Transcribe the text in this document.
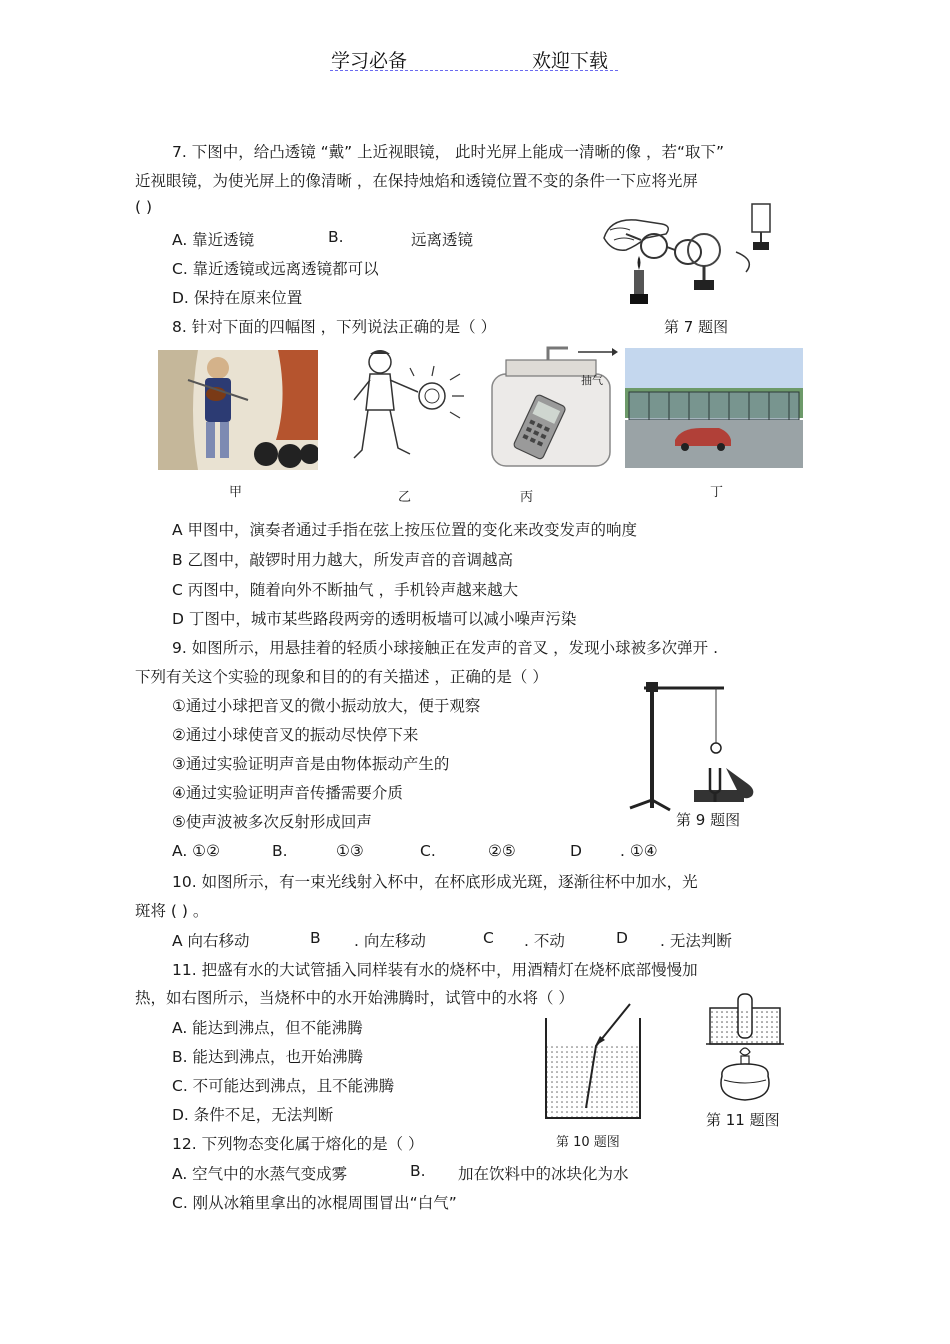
学习必备	欢迎下载
7. 下图中，给凸透镜 “戴” 上近视眼镜， 此时光屏上能成一清晰的像 ，若“取下”
近视眼镜，为使光屏上的像清晰 ，在保持烛焰和透镜位置不变的条件一下应将光屏
( )
A. 靠近透镜	B.	远离透镜
C. 靠近透镜或远离透镜都可以
D. 保持在原来位置
第 7 题图
8. 针对下面的四幅图 ，下列说法正确的是（ ）
抽气
甲	乙	丙	丁
A 甲图中，演奏者通过手指在弦上按压位置的变化来改变发声的响度
B 乙图中，敲锣时用力越大，所发声音的音调越高
C 丙图中，随着向外不断抽气 ，手机铃声越来越大
D 丁图中，城市某些路段两旁的透明板墙可以减小噪声污染
9. 如图所示，用悬挂着的轻质小球接触正在发声的音叉 ，发现小球被多次弹开 .
下列有关这个实验的现象和目的的有关描述 ，正确的是（ ）
①通过小球把音叉的微小振动放大，便于观察
②通过小球使音叉的振动尽快停下来
③通过实验证明声音是由物体振动产生的
④通过实验证明声音传播需要介质
⑤使声波被多次反射形成回声	第 9 题图
A. ①②	B.	①③	C.	②⑤	D . ①④
10. 如图所示，有一束光线射入杯中，在杯底形成光斑，逐渐往杯中加水，光
斑将 ( ) 。
A 向右移动	B . 向左移动	C . 不动	D . 无法判断
11. 把盛有水的大试管插入同样装有水的烧杯中，用酒精灯在烧杯底部慢慢加
热，如右图所示，当烧杯中的水开始沸腾时，试管中的水将（ ）
A. 能达到沸点，但不能沸腾
B. 能达到沸点，也开始沸腾
C. 不可能达到沸点，且不能沸腾
D. 条件不足，无法判断
第 10 题图
第 11 题图
12. 下列物态变化属于熔化的是（ ）
A. 空气中的水蒸气变成雾	B. 加在饮料中的冰块化为水
C. 刚从冰箱里拿出的冰棍周围冒出“白气”
